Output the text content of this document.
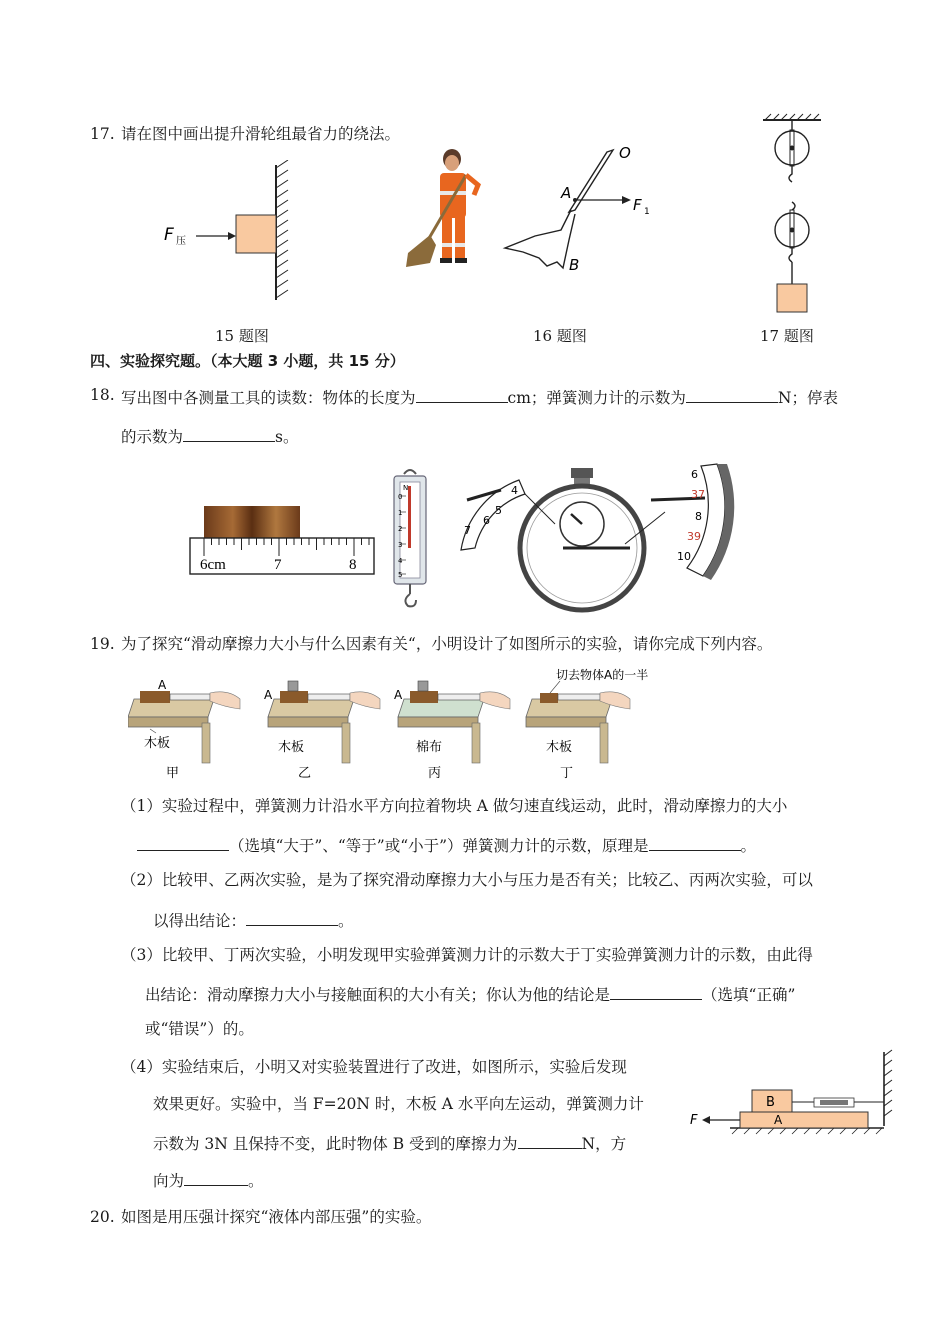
17. 请在图中画出提升滑轮组最省力的绕法。
F 压
15 题图
O
A
F 1
B
16 题图	17 题图
四、实验探究题。（本大题 3 小题，共 15 分）
18. 写出图中各测量工具的读数：物体的长度为	cm；弹簧测力计的示数为	N；停表
的示数为	s。
6cm	7	8
N
0
1
2
3
4
5
4
5
6
7
6
37
8
39
10
19. 为了探究“滑动摩擦力大小与什么因素有关“，小明设计了如图所示的实验，请你完成下列内容。
A
木板
甲
A
木板
乙
A
棉布
丙
切去物体A的一半
木板
丁
（1）实验过程中，弹簧测力计沿水平方向拉着物块 A 做匀速直线运动，此时，滑动摩擦力的大小
（选填“大于”、“等于”或“小于”）弹簧测力计的示数，原理是	。
（2）比较甲、乙两次实验，是为了探究滑动摩擦力大小与压力是否有关；比较乙、丙两次实验，可以
以得出结论：	。
（3）比较甲、丁两次实验，小明发现甲实验弹簧测力计的示数大于丁实验弹簧测力计的示数，由此得
出结论：滑动摩擦力大小与接触面积的大小有关；你认为他的结论是	（选填“正确”
或“错误”）的。
（4）实验结束后，小明又对实验装置进行了改进，如图所示，实验后发现
效果更好。实验中，当 F=20N 时，木板 A 水平向左运动，弹簧测力计
示数为 3N 且保持不变，此时物体 B 受到的摩擦力为	N，方
向为	。
B
A
F
20. 如图是用压强计探究“液体内部压强”的实验。
